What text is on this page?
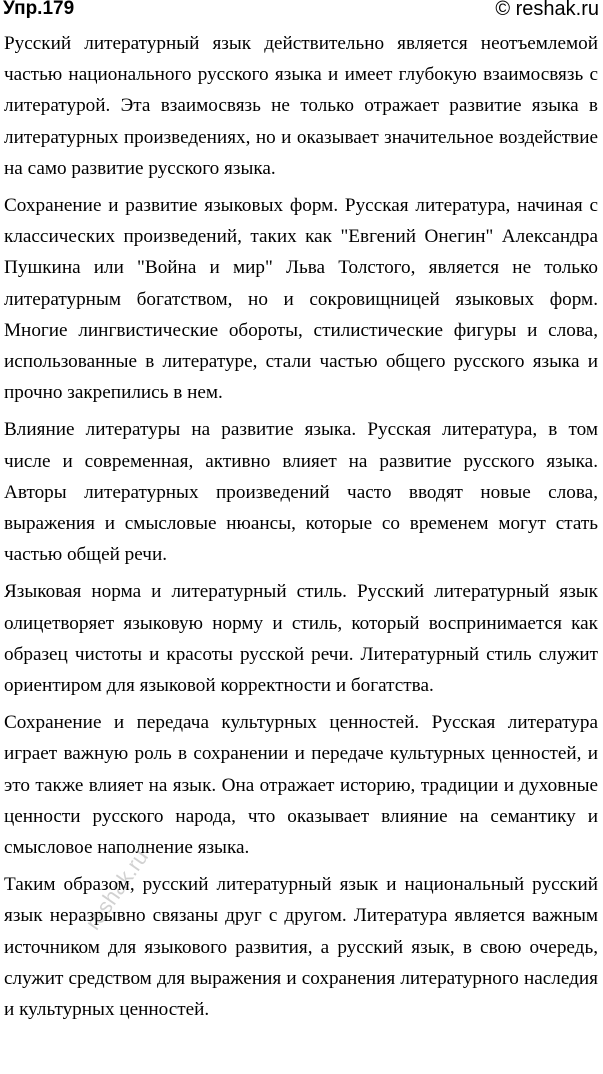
Упр.179	© reshak.ru

Русский литературный язык действительно является неотъемлемой частью национального русского языка и имеет глубокую взаимосвязь с литературой. Эта взаимосвязь не только отражает развитие языка в литературных произведениях, но и оказывает значительное воздействие на само развитие русского языка.

Сохранение и развитие языковых форм. Русская литература, начиная с классических произведений, таких как "Евгений Онегин" Александра Пушкина или "Война и мир" Льва Толстого, является не только литературным богатством, но и сокровищницей языковых форм. Многие лингвистические обороты, стилистические фигуры и слова, использованные в литературе, стали частью общего русского языка и прочно закрепились в нем.

Влияние литературы на развитие языка. Русская литература, в том числе и современная, активно влияет на развитие русского языка. Авторы литературных произведений часто вводят новые слова, выражения и смысловые нюансы, которые со временем могут стать частью общей речи.

Языковая норма и литературный стиль. Русский литературный язык олицетворяет языковую норму и стиль, который воспринимается как образец чистоты и красоты русской речи. Литературный стиль служит ориентиром для языковой корректности и богатства.

Сохранение и передача культурных ценностей. Русская литература играет важную роль в сохранении и передаче культурных ценностей, и это также влияет на язык. Она отражает историю, традиции и духовные ценности русского народа, что оказывает влияние на семантику и смысловое наполнение языка.

Таким образом, русский литературный язык и национальный русский язык неразрывно связаны друг с другом. Литература является важным источником для языкового развития, а русский язык, в свою очередь, служит средством для выражения и сохранения литературного наследия и культурных ценностей.

reshak.ru
